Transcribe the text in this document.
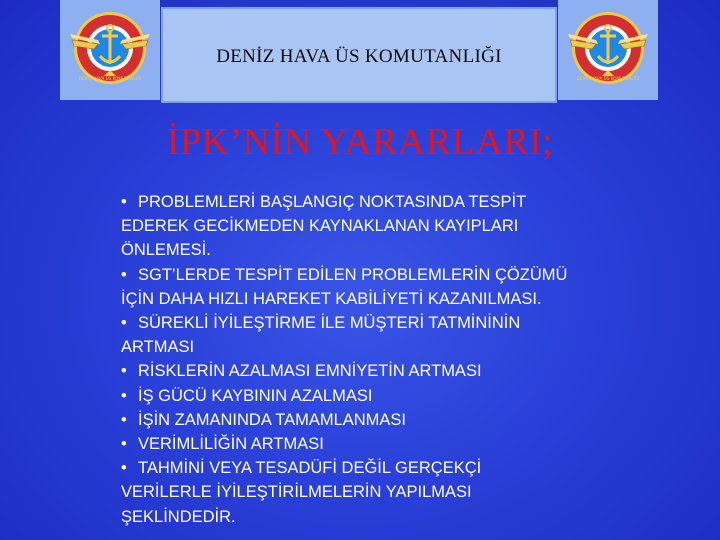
DENİZ HAVA ÜS KOMUTANLIĞI
DENİZ HAVA ÜS KOMUTANLIĞI
DENİZ HAVA ÜS KOMUTANLIĞI
İPK’NİN YARARLARI;

• PROBLEMLERİ BAŞLANGIÇ NOKTASINDA TESPİT

EDEREK GECİKMEDEN KAYNAKLANAN KAYIPLARI

ÖNLEMESİ.

• SGT’LERDE TESPİT EDİLEN PROBLEMLERİN ÇÖZÜMÜ

İÇİN DAHA HIZLI HAREKET KABİLİYETİ KAZANILMASI.

• SÜREKLİ İYİLEŞTİRME İLE MÜŞTERİ TATMİNİNİN

ARTMASI

• RİSKLERİN AZALMASI EMNİYETİN ARTMASI

• İŞ GÜCÜ KAYBININ AZALMASI

• İŞİN ZAMANINDA TAMAMLANMASI

• VERİMLİLİĞİN ARTMASI

• TAHMİNİ VEYA TESADÜFİ DEĞİL GERÇEKÇİ

VERİLERLE İYİLEŞTİRİLMELERİN YAPILMASI

ŞEKLİNDEDİR.
